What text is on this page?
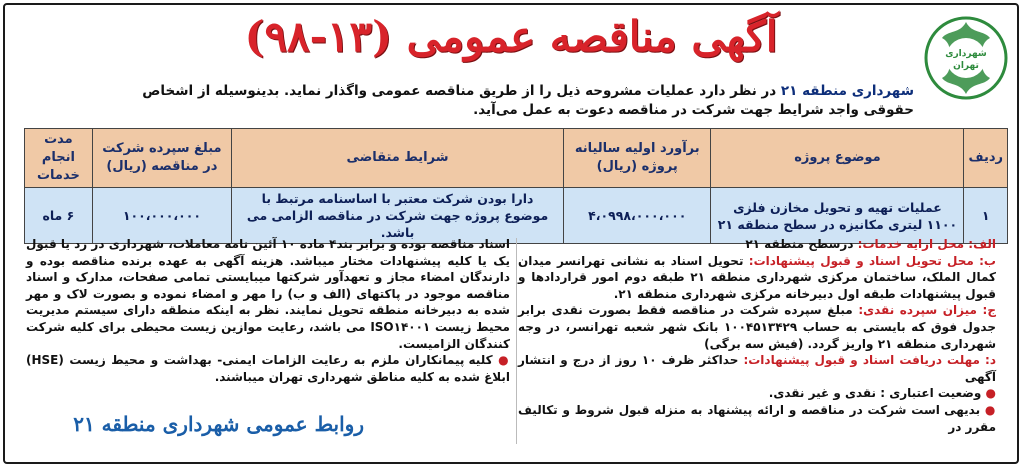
شهرداری
تهران
آگهی مناقصه عمومی (۱۳-۹۸)
شهرداری منطقه ۲۱ در نظر دارد عملیات مشروحه ذیل را از طریق مناقصه عمومی واگذار نماید. بدینوسیله از اشخاص حقوقی واجد شرایط جهت شرکت در مناقصه دعوت به عمل می‌آید.
ردیف	موضوع پروژه	برآورد اولیه سالیانه پروژه (ریال)	شرایط متقاضی	مبلغ سپرده شرکت در مناقصه (ریال)	مدت انجام خدمات
۱	عملیات تهیه و تحویل مخازن فلزی ۱۱۰۰ لیتری مکانیزه در سطح منطقه ۲۱	۴،۰۹۹۸،۰۰۰،۰۰۰	دارا بودن شرکت معتبر با اساسنامه مرتبط با موضوع پروژه جهت شرکت در مناقصه الزامی می باشد.	۱۰۰،۰۰۰،۰۰۰	۶ ماه
الف: محل ارایه خدمات: درسطح منطقه ۲۱
ب: محل تحویل اسناد و قبول پیشنهادات: تحویل اسناد به نشانی تهرانسر میدان کمال الملک، ساختمان مرکزی شهرداری منطقه ۲۱ طبقه دوم امور قراردادها و قبول پیشنهادات طبقه اول دبیرخانه مرکزی شهرداری منطقه ۲۱.
ج: میزان سپرده نقدی: مبلغ سپرده شرکت در مناقصه فقط بصورت نقدی برابر جدول فوق که بایستی به حساب ۱۰۰۴۵۱۳۴۲۹ بانک شهر شعبه تهرانسر، در وجه شهرداری منطقه ۲۱ واریز گردد. (فیش سه برگی)
د: مهلت دریافت اسناد و قبول پیشنهادات: حداکثر ظرف ۱۰ روز از درج و انتشار آگهی
● وضعیت اعتباری : نقدی و غیر نقدی.
● بدیهی است شرکت در مناقصه و ارائه پیشنهاد به منزله قبول شروط و تکالیف مقرر در
اسناد مناقصه بوده و برابر بند۴ ماده ۱۰ آئین نامه معاملات، شهرداری در رد یا قبول یک یا کلیه پیشنهادات مختار میباشد. هزینه آگهی به عهده برنده مناقصه بوده و دارندگان امضاء مجاز و تعهدآور شرکتها میبایستی تمامی صفحات، مدارک و اسناد مناقصه موجود در پاکتهای (الف و ب) را مهر و امضاء نموده و بصورت لاک و مهر شده به دبیرخانه منطقه تحویل نمایند. نظر به اینکه منطقه دارای سیستم مدیریت محیط زیست ISO۱۴۰۰۱ می باشد، رعایت موازین زیست محیطی برای کلیه شرکت کنندگان الزامیست.
● کلیه پیمانکاران ملزم به رعایت الزامات ایمنی- بهداشت و محیط زیست (HSE) ابلاغ شده به کلیه مناطق شهرداری تهران میباشند.
روابط عمومی شهرداری منطقه ۲۱
